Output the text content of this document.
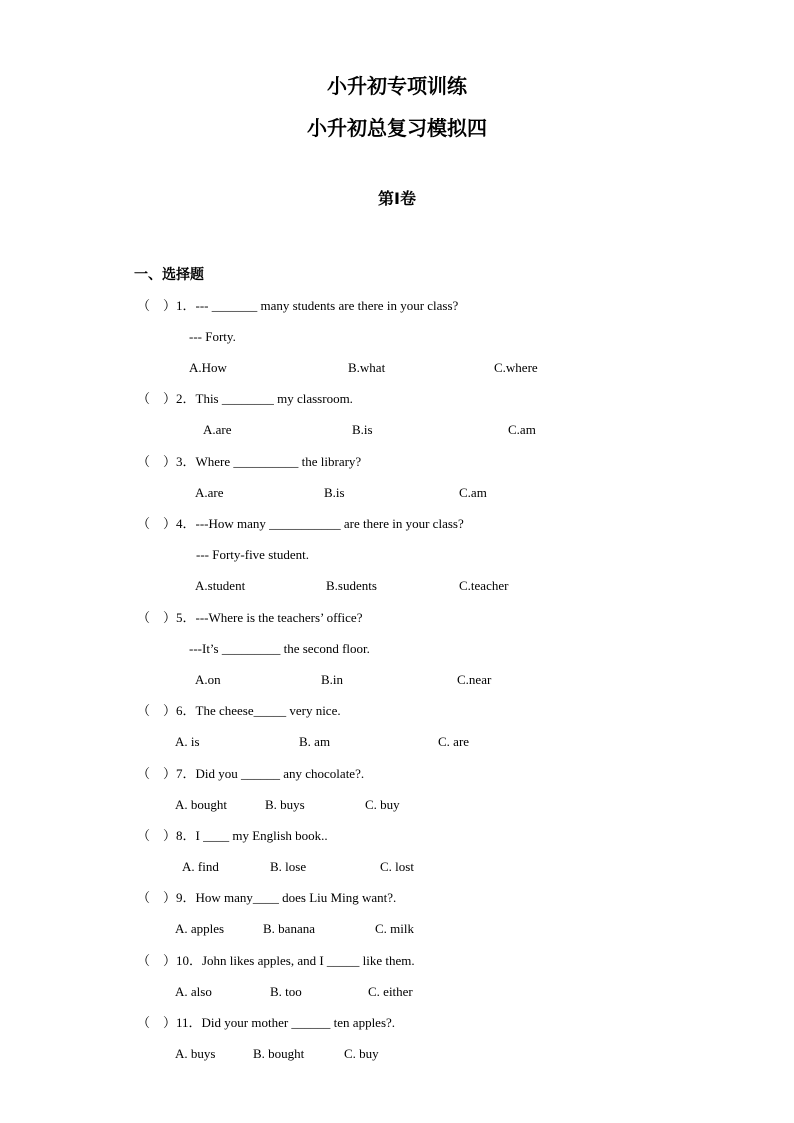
小升初专项训练
小升初总复习模拟四
第I卷
一、选择题
（    ）1．--- _______ many students are there in your class?
--- Forty.
A.How	B.what	C.where
（    ）2．This ________ my classroom.
A.are	B.is	C.am
（    ）3．Where __________ the library?
A.are	B.is	C.am
（    ）4．---How many ___________ are there in your class?
--- Forty-five student.
A.student	B.sudents	C.teacher
（    ）5．---Where is the teachers’ office?
---It’s _________ the second floor.
A.on	B.in	C.near
（    ）6．The cheese_____ very nice.
A. is	B. am	C. are
（    ）7．Did you ______ any chocolate?.
A. bought	B. buys	C. buy
（    ）8．I ____ my English book..
A. find	B. lose	C. lost
（    ）9．How many____ does Liu Ming want?.
A. apples	B. banana	C. milk
（    ）10．John likes apples, and I _____ like them.
A. also	B. too	C. either
（    ）11．Did your mother ______ ten apples?.
A. buys	B. bought	C. buy
